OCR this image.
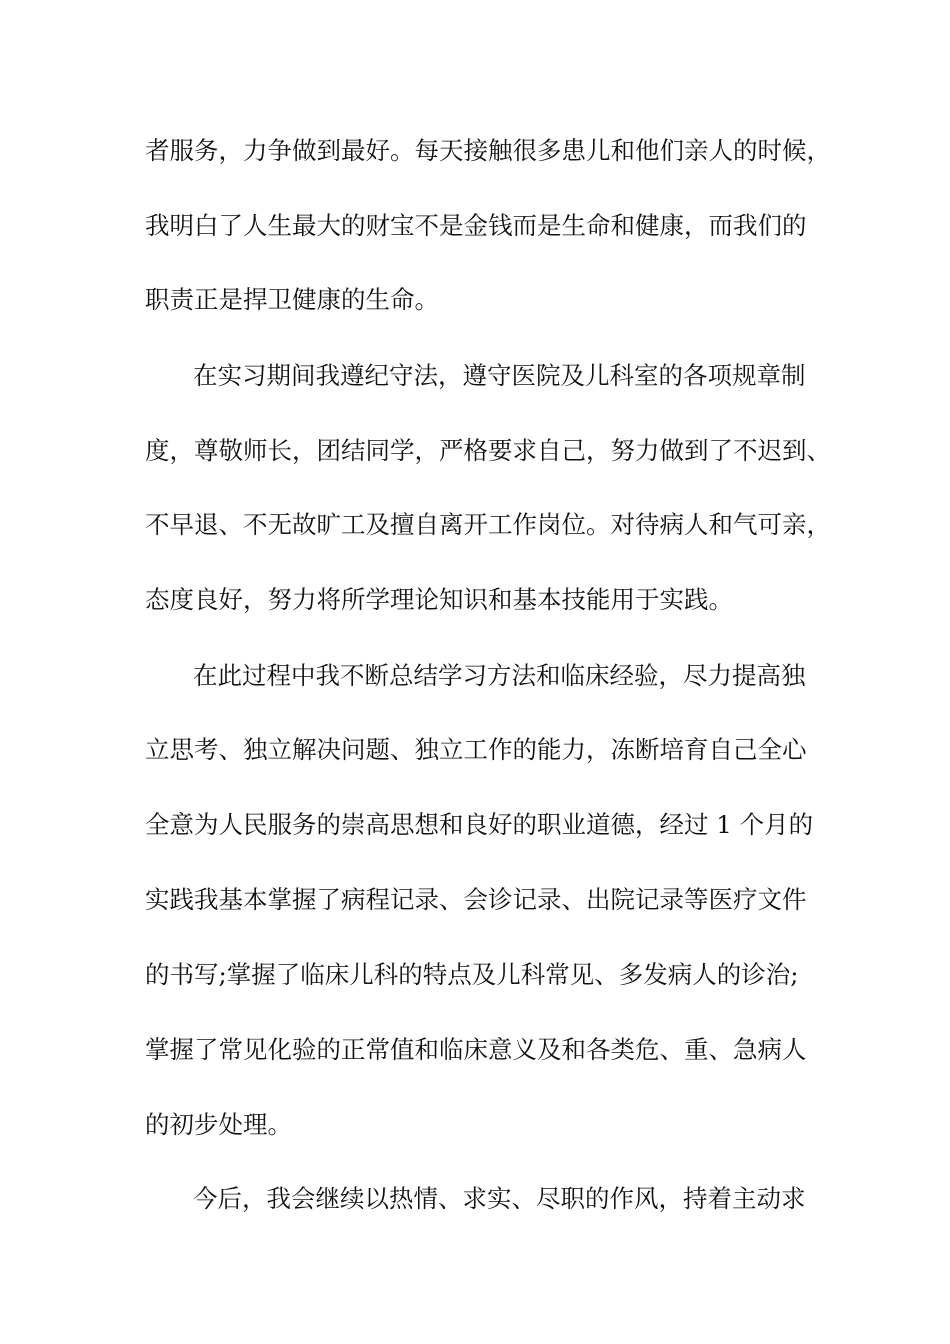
者服务，力争做到最好。每天接触很多患儿和他们亲人的时候，
我明白了人生最大的财宝不是金钱而是生命和健康，而我们的
职责正是捍卫健康的生命。
在实习期间我遵纪守法，遵守医院及儿科室的各项规章制
度，尊敬师长，团结同学，严格要求自己，努力做到了不迟到、
不早退、不无故旷工及擅自离开工作岗位。对待病人和气可亲，
态度良好，努力将所学理论知识和基本技能用于实践。
在此过程中我不断总结学习方法和临床经验，尽力提高独
立思考、独立解决问题、独立工作的能力，冻断培育自己全心
全意为人民服务的崇高思想和良好的职业道德，经过 1 个月的
实践我基本掌握了病程记录、会诊记录、出院记录等医疗文件
的书写;掌握了临床儿科的特点及儿科常见、多发病人的诊治;
掌握了常见化验的正常值和临床意义及和各类危、重、急病人
的初步处理。
今后，我会继续以热情、求实、尽职的作风，持着主动求
